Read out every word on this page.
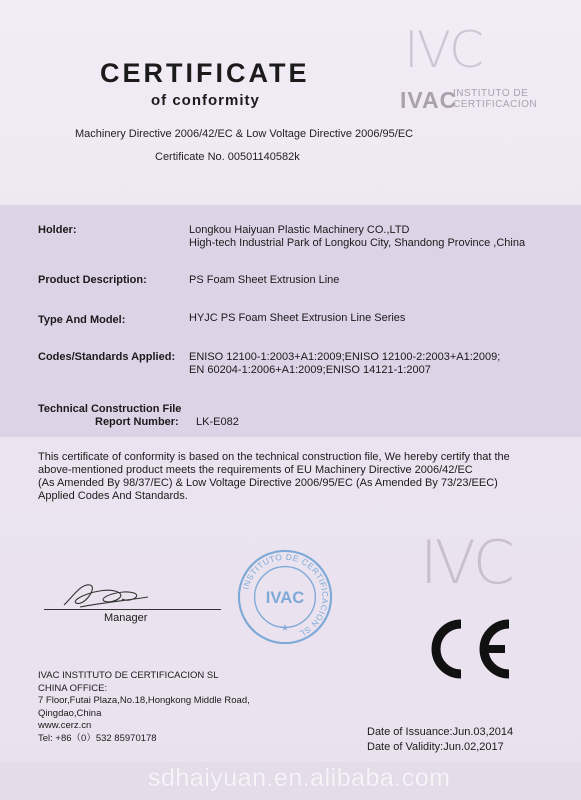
CERTIFICATE
of conformity
Machinery Directive 2006/42/EC & Low Voltage Directive 2006/95/EC
Certificate No. 00501140582k
IVC
IVAC
INSTITUTO DE
CERTIFICACION
Holder:	Longkou Haiyuan Plastic Machinery CO.,LTD
High-tech Industrial Park of Longkou City, Shandong Province ,China
Product Description:	PS Foam Sheet Extrusion Line
Type And Model:	HYJC PS Foam Sheet Extrusion Line Series
Codes/Standards Applied: ENISO 12100-1:2003+A1:2009;ENISO 12100-2:2003+A1:2009;
EN 60204-1:2006+A1:2009;ENISO 14121-1:2007
Technical Construction File
Report Number: LK-E082
This certificate of conformity is based on the technical construction file, We hereby certify that the
above-mentioned product meets the requirements of EU Machinery Directive 2006/42/EC
(As Amended By 98/37/EC) & Low Voltage Directive 2006/95/EC (As Amended By 73/23/EEC)
Applied Codes And Standards.
IVC
INSTITUTO DE CERTIFICACION SL
IVAC
★
Manager	CE
IVAC INSTITUTO DE CERTIFICACION SL
CHINA OFFICE:
7 Floor,Futai Plaza,No.18,Hongkong Middle Road,
Qingdao,China
www.cerz.cn
Tel: +86（0）532 85970178	Date of Issuance:Jun.03,2014
Date of Validity:Jun.02,2017
sdhaiyuan.en.alibaba.com
